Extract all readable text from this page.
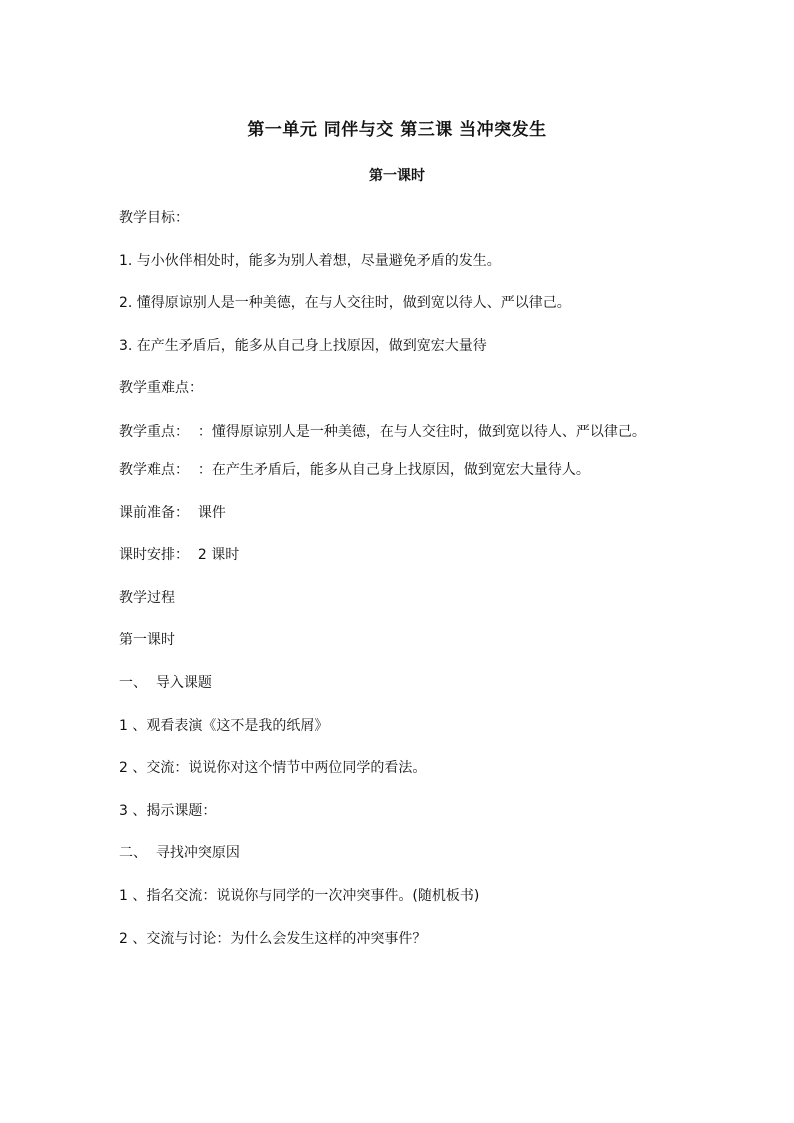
第一单元 同伴与交 第三课 当冲突发生
第一课时

教学目标：

1. 与小伙伴相处时，能多为别人着想，尽量避免矛盾的发生。

2. 懂得原谅别人是一种美德，在与人交往时，做到宽以待人、严以律己。

3. 在产生矛盾后，能多从自己身上找原因，做到宽宏大量待

教学重难点：

教学重点：  ：懂得原谅别人是一种美德，在与人交往时，做到宽以待人、严以律己。

教学难点：  ：在产生矛盾后，能多从自己身上找原因，做到宽宏大量待人。

课前准备：  课件

课时安排：  2 课时

教学过程

第一课时

一、  导入课题

1 、观看表演《这不是我的纸屑》

2 、交流：说说你对这个情节中两位同学的看法。

3 、揭示课题：

二、  寻找冲突原因

1 、指名交流：说说你与同学的一次冲突事件。(随机板书)

2 、交流与讨论：为什么会发生这样的冲突事件？
